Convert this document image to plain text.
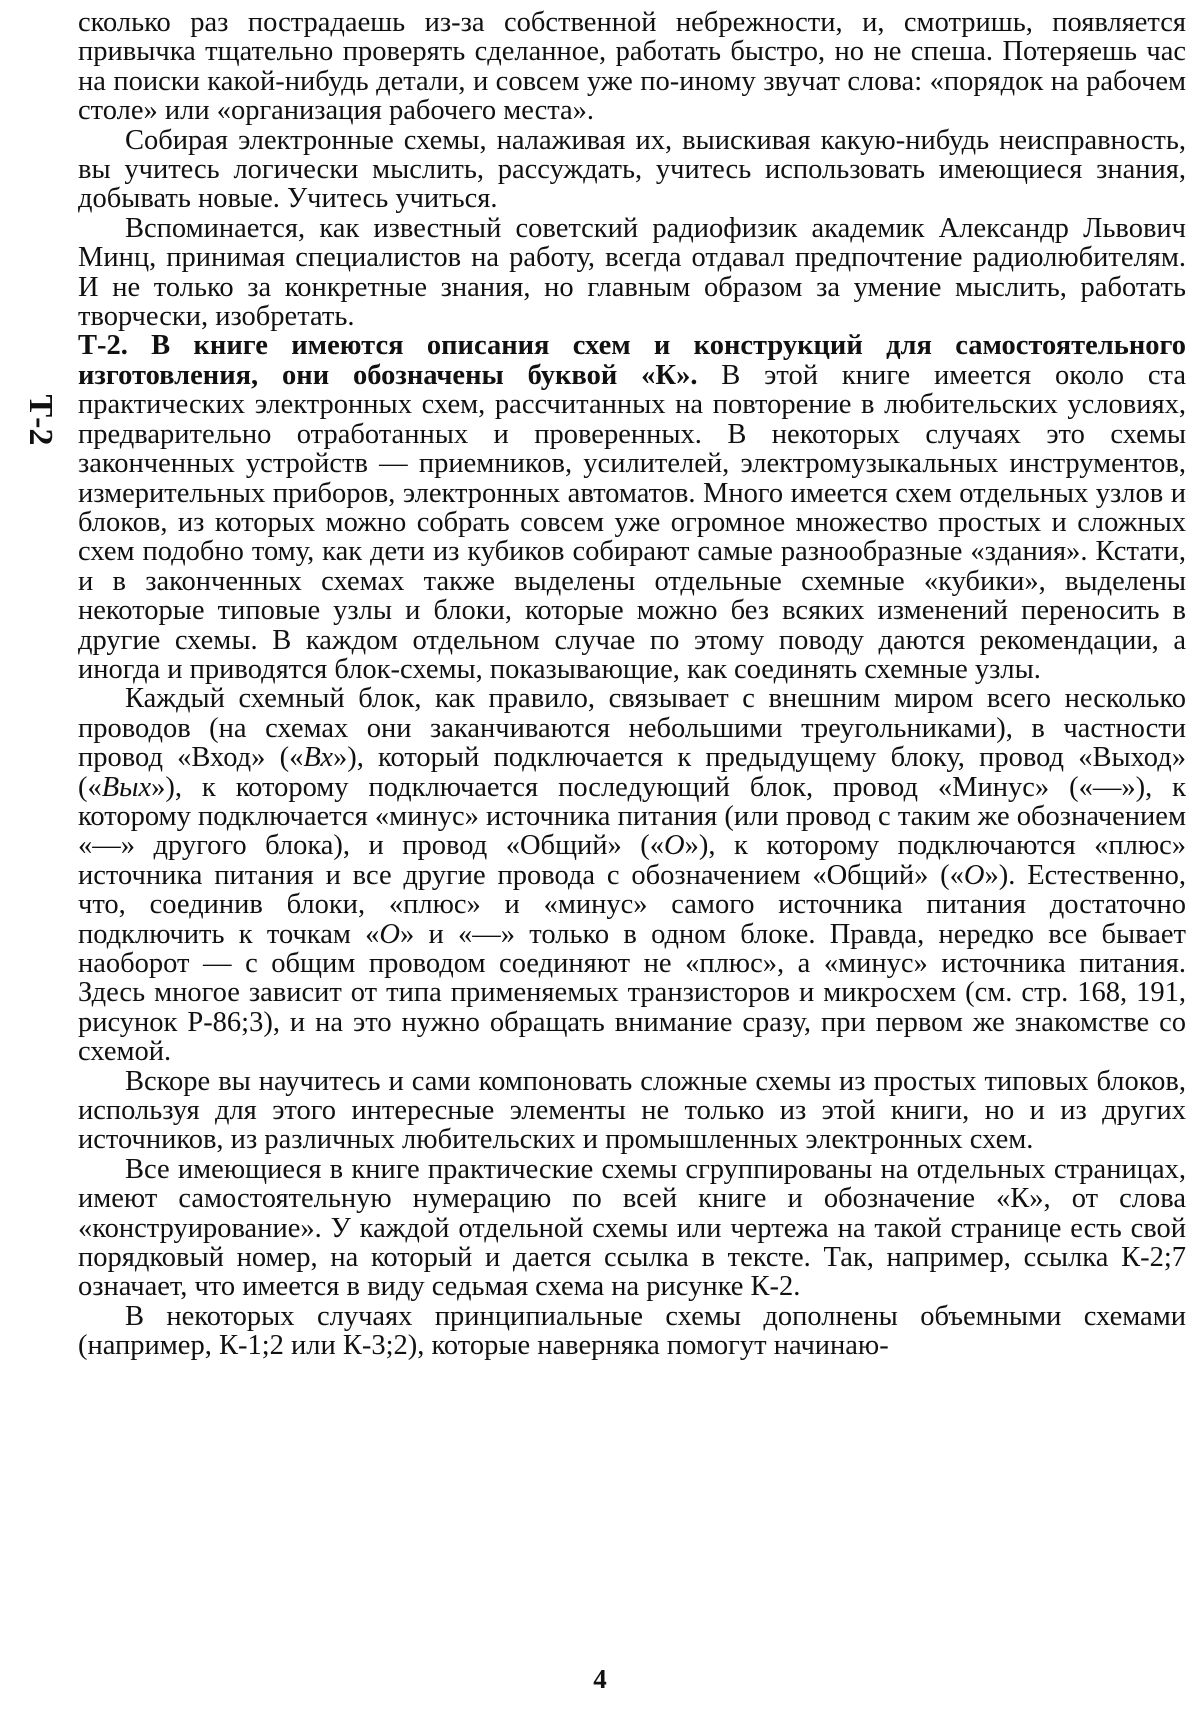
Т-2

сколько раз пострадаешь из-за собственной небрежности, и, смотришь, появляется привычка тщательно проверять сделанное, работать быстро, но не спеша. Потеряешь час на поиски какой-нибудь детали, и совсем уже по-иному звучат слова: «порядок на рабочем столе» или «организация рабочего места».

Собирая электронные схемы, налаживая их, выискивая какую-нибудь неисправность, вы учитесь логически мыслить, рассуждать, учитесь использовать имеющиеся знания, добывать новые. Учитесь учиться.

Вспоминается, как известный советский радиофизик академик Александр Львович Минц, принимая специалистов на работу, всегда отдавал предпочтение радиолюбителям. И не только за конкретные знания, но главным образом за умение мыслить, работать творчески, изобретать.

Т-2. В книге имеются описания схем и конструкций для самостоятельного изготовления, они обозначены буквой «К». В этой книге имеется около ста практических электронных схем, рассчитанных на повторение в любительских условиях, предварительно отработанных и проверенных. В некоторых случаях это схемы законченных устройств — приемников, усилителей, электромузыкальных инструментов, измерительных приборов, электронных автоматов. Много имеется схем отдельных узлов и блоков, из которых можно собрать совсем уже огромное множество простых и сложных схем подобно тому, как дети из кубиков собирают самые разнообразные «здания». Кстати, и в законченных схемах также выделены отдельные схемные «кубики», выделены некоторые типовые узлы и блоки, которые можно без всяких изменений переносить в другие схемы. В каждом отдельном случае по этому поводу даются рекомендации, а иногда и приводятся блок-схемы, показывающие, как соединять схемные узлы.

Каждый схемный блок, как правило, связывает с внешним миром всего несколько проводов (на схемах они заканчиваются небольшими треугольниками), в частности провод «Вход» («Вх»), который подключается к предыдущему блоку, провод «Выход» («Вых»), к которому подключается последующий блок, провод «Минус» («—»), к которому подключается «минус» источника питания (или провод с таким же обозначением «—» другого блока), и провод «Общий» («О»), к которому подключаются «плюс» источника питания и все другие провода с обозначением «Общий» («О»). Естественно, что, соединив блоки, «плюс» и «минус» самого источника питания достаточно подключить к точкам «О» и «—» только в одном блоке. Правда, нередко все бывает наоборот — с общим проводом соединяют не «плюс», а «минус» источника питания. Здесь многое зависит от типа применяемых транзисторов и микросхем (см. стр. 168, 191, рисунок Р-86;3), и на это нужно обращать внимание сразу, при первом же знакомстве со схемой.

Вскоре вы научитесь и сами компоновать сложные схемы из простых типовых блоков, используя для этого интересные элементы не только из этой книги, но и из других источников, из различных любительских и промышленных электронных схем.

Все имеющиеся в книге практические схемы сгруппированы на отдельных страницах, имеют самостоятельную нумерацию по всей книге и обозначение «К», от слова «конструирование». У каждой отдельной схемы или чертежа на такой странице есть свой порядковый номер, на который и дается ссылка в тексте. Так, например, ссылка К-2;7 означает, что имеется в виду седьмая схема на рисунке К-2.

В некоторых случаях принципиальные схемы дополнены объемными схемами (например, К-1;2 или К-3;2), которые наверняка помогут начинаю-

4
